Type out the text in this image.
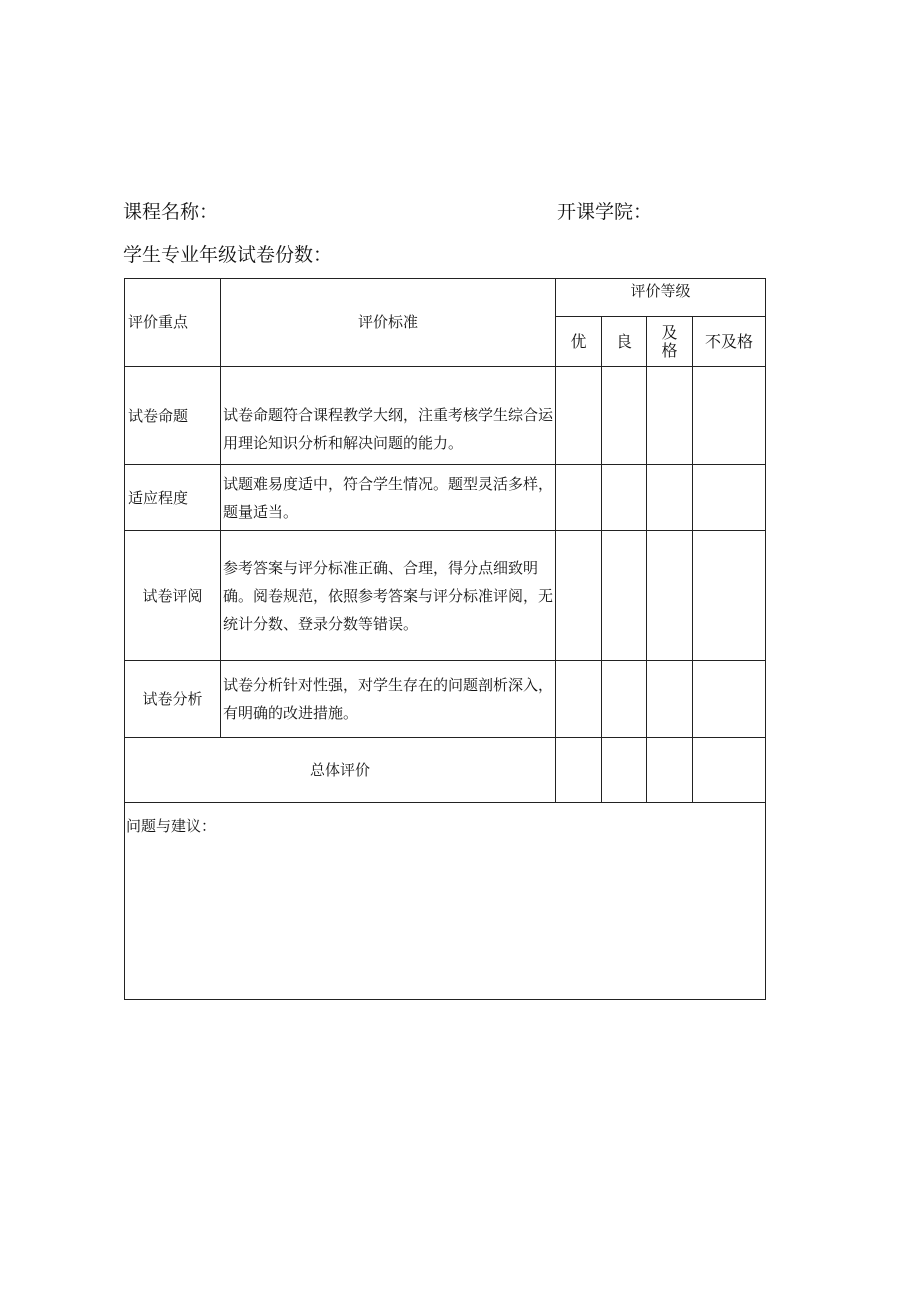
课程名称：	开课学院：
学生专业年级试卷份数：
评价重点	评价标准
评价等级
优 良 及格 不及格
试卷命题 试卷命题符合课程教学大纲，注重考核学生综合运用理论知识分析和解决问题的能力。
适应程度
试题难易度适中，符合学生情况。题型灵活多样，题量适当。
试卷评阅
参考答案与评分标准正确、合理，得分点细致明确。阅卷规范，依照参考答案与评分标准评阅，无统计分数、登录分数等错误。
试卷分析
试卷分析针对性强，对学生存在的问题剖析深入，有明确的改进措施。
总体评价
问题与建议：
